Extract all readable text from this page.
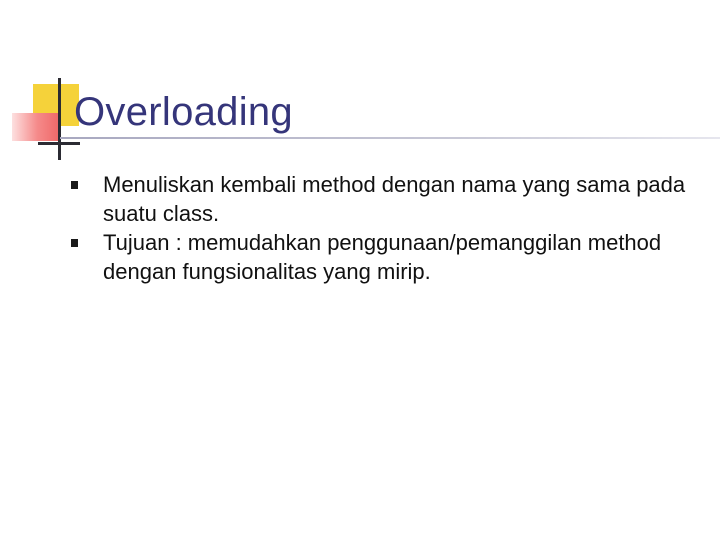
Overloading
Menuliskan kembali method dengan nama yang sama pada suatu class.
Tujuan : memudahkan penggunaan/pemanggilan method dengan fungsionalitas yang mirip.
